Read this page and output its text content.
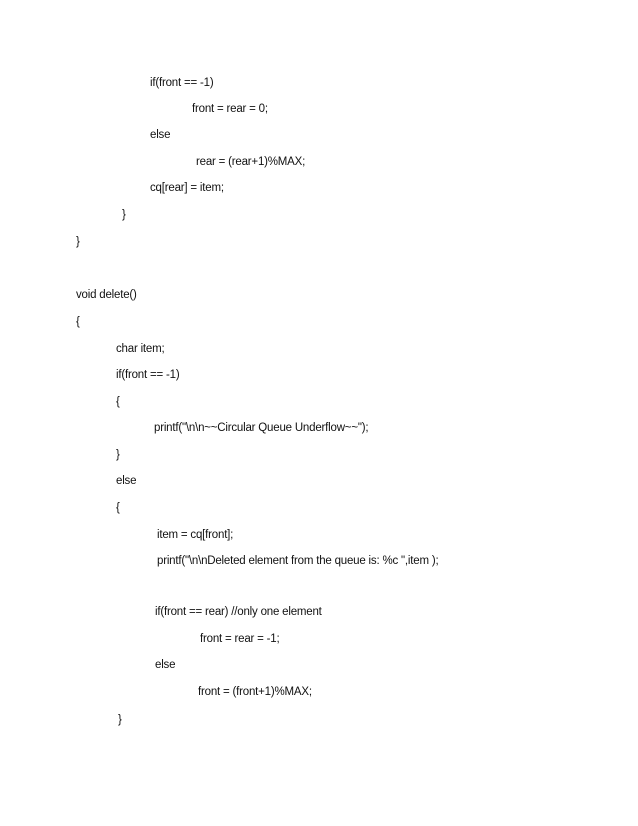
if(front == -1)
front = rear = 0;
else
rear = (rear+1)%MAX;
cq[rear] = item;
}
}
void delete()
{
char item;
if(front == -1)
{
printf("\n\n~~Circular Queue Underflow~~");
}
else
{
item = cq[front];
printf("\n\nDeleted element from the queue is: %c ",item );
if(front == rear) //only one element
front = rear = -1;
else
front = (front+1)%MAX;
}
